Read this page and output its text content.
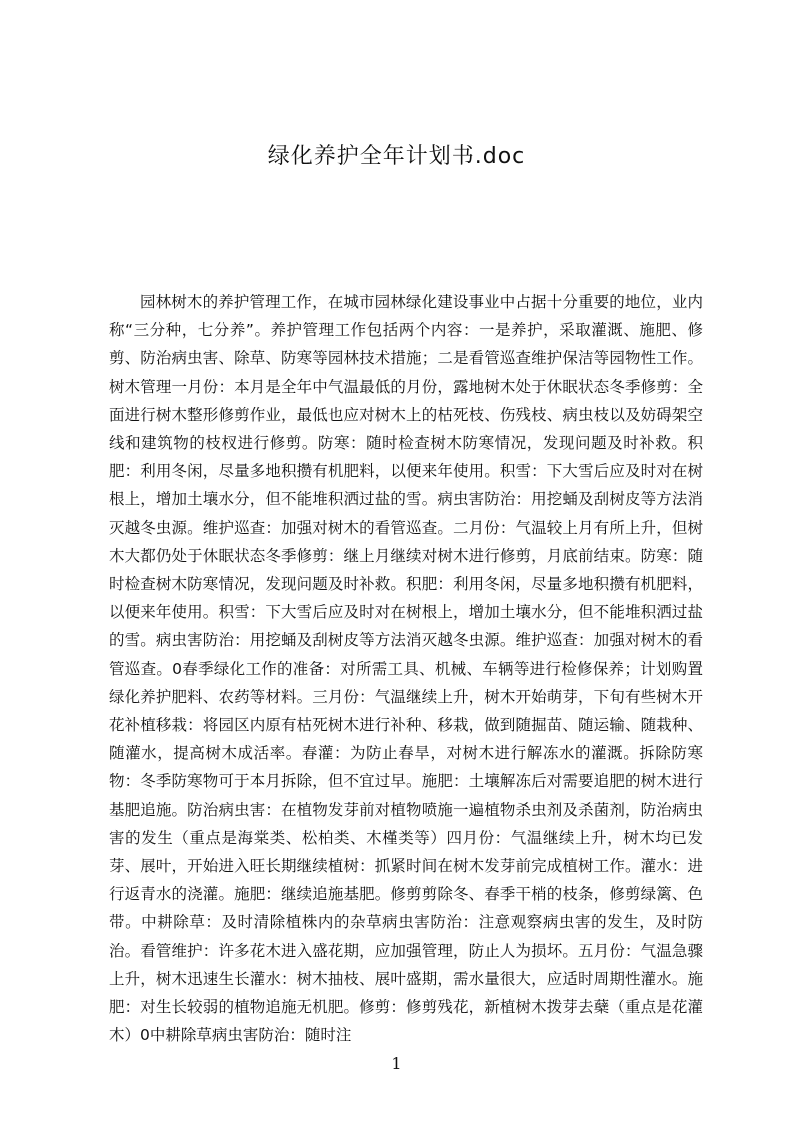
绿化养护全年计划书.doc

园林树木的养护管理工作，在城市园林绿化建设事业中占据十分重要的地位，业内称“三分种，七分养”。养护管理工作包括两个内容：一是养护，采取灌溉、施肥、修剪、防治病虫害、除草、防寒等园林技术措施；二是看管巡查维护保洁等园物性工作。树木管理一月份：本月是全年中气温最低的月份，露地树木处于休眠状态冬季修剪：全面进行树木整形修剪作业，最低也应对树木上的枯死枝、伤残枝、病虫枝以及妨碍架空线和建筑物的枝杈进行修剪。防寒：随时检查树木防寒情况，发现问题及时补救。积肥：利用冬闲，尽量多地积攒有机肥料，以便来年使用。积雪：下大雪后应及时对在树根上，增加土壤水分，但不能堆积洒过盐的雪。病虫害防治：用挖蛹及刮树皮等方法消灭越冬虫源。维护巡查：加强对树木的看管巡查。二月份：气温较上月有所上升，但树木大都仍处于休眠状态冬季修剪：继上月继续对树木进行修剪，月底前结束。防寒：随时检查树木防寒情况，发现问题及时补救。积肥：利用冬闲，尽量多地积攒有机肥料，以便来年使用。积雪：下大雪后应及时对在树根上，增加土壤水分，但不能堆积洒过盐的雪。病虫害防治：用挖蛹及刮树皮等方法消灭越冬虫源。维护巡查：加强对树木的看管巡查。0春季绿化工作的准备：对所需工具、机械、车辆等进行检修保养；计划购置绿化养护肥料、农药等材料。三月份：气温继续上升，树木开始萌芽，下旬有些树木开花补植移栽：将园区内原有枯死树木进行补种、移栽，做到随掘苗、随运输、随栽种、随灌水，提高树木成活率。春灌：为防止春旱，对树木进行解冻水的灌溉。拆除防寒物：冬季防寒物可于本月拆除，但不宜过早。施肥：土壤解冻后对需要追肥的树木进行基肥追施。防治病虫害：在植物发芽前对植物喷施一遍植物杀虫剂及杀菌剂，防治病虫害的发生（重点是海棠类、松柏类、木槿类等）四月份：气温继续上升，树木均已发芽、展叶，开始进入旺长期继续植树：抓紧时间在树木发芽前完成植树工作。灌水：进行返青水的浇灌。施肥：继续追施基肥。修剪剪除冬、春季干梢的枝条，修剪绿篱、色带。中耕除草：及时清除植株内的杂草病虫害防治：注意观察病虫害的发生，及时防治。看管维护：许多花木进入盛花期，应加强管理，防止人为损坏。五月份：气温急骤上升，树木迅速生长灌水：树木抽枝、展叶盛期，需水量很大，应适时周期性灌水。施肥：对生长较弱的植物追施无机肥。修剪：修剪残花，新植树木拨芽去蘖（重点是花灌木）0中耕除草病虫害防治：随时注

1
